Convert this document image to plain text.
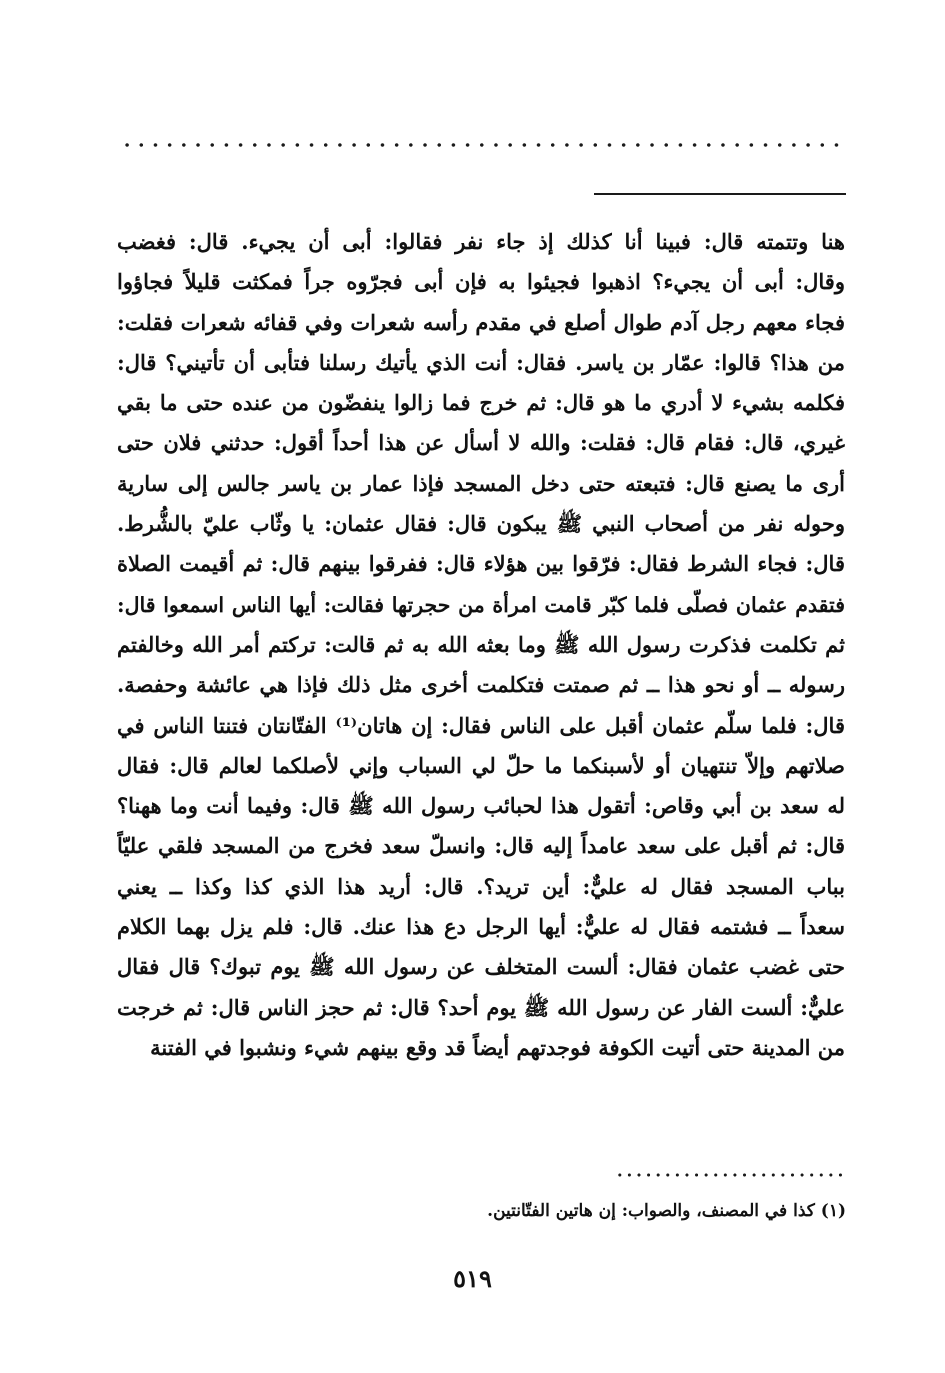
هنا وتتمته قال: فبينا أنا كذلك إذ جاء نفر فقالوا: أبى أن يجيء. قال: فغضب
وقال: أبى أن يجيء؟ اذهبوا فجيئوا به فإن أبى فجرّوه جراً فمكثت قليلاً فجاؤوا
فجاء معهم رجل آدم طوال أصلع في مقدم رأسه شعرات وفي قفائه شعرات فقلت:
من هذا؟ قالوا: عمّار بن ياسر. فقال: أنت الذي يأتيك رسلنا فتأبى أن تأتيني؟ قال:
فكلمه بشيء لا أدري ما هو قال: ثم خرج فما زالوا ينفضّون من عنده حتى ما بقي
غيري، قال: فقام قال: فقلت: والله لا أسأل عن هذا أحداً أقول: حدثني فلان حتى
أرى ما يصنع قال: فتبعته حتى دخل المسجد فإذا عمار بن ياسر جالس إلى سارية
وحوله نفر من أصحاب النبي ﷺ يبكون قال: فقال عثمان: يا وثّاب عليّ بالشُّرط.
قال: فجاء الشرط فقال: فرّقوا بين هؤلاء قال: ففرقوا بينهم قال: ثم أقيمت الصلاة
فتقدم عثمان فصلّى فلما كبّر قامت امرأة من حجرتها فقالت: أيها الناس اسمعوا قال:
ثم تكلمت فذكرت رسول الله ﷺ وما بعثه الله به ثم قالت: تركتم أمر الله وخالفتم
رسوله ــ أو نحو هذا ــ ثم صمتت فتكلمت أخرى مثل ذلك فإذا هي عائشة وحفصة.
قال: فلما سلّم عثمان أقبل على الناس فقال: إن هاتان⁽¹⁾ الفتّانتان فتنتا الناس في
صلاتهم وإلاّ تنتهيان أو لأسبنكما ما حلّ لي السباب وإني لأصلكما لعالم قال: فقال
له سعد بن أبي وقاص: أتقول هذا لحبائب رسول الله ﷺ قال: وفيما أنت وما ههنا؟
قال: ثم أقبل على سعد عامداً إليه قال: وانسلّ سعد فخرج من المسجد فلقي عليّاً
بباب المسجد فقال له عليٌّ: أين تريد؟. قال: أريد هذا الذي كذا وكذا ــ يعني
سعداً ــ فشتمه فقال له عليٌّ: أيها الرجل دع هذا عنك. قال: فلم يزل بهما الكلام
حتى غضب عثمان فقال: ألست المتخلف عن رسول الله ﷺ يوم تبوك؟ قال فقال
عليٌّ: ألست الفار عن رسول الله ﷺ يوم أحد؟ قال: ثم حجز الناس قال: ثم خرجت
من المدينة حتى أتيت الكوفة فوجدتهم أيضاً قد وقع بينهم شيء ونشبوا في الفتنة
(١) كذا في المصنف، والصواب: إن هاتين الفتّانتين.
٥١٩
